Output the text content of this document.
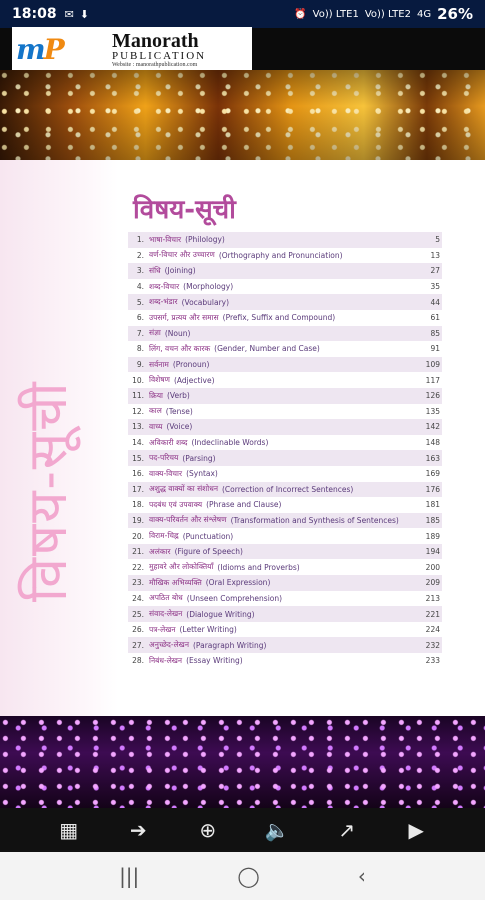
18:08 ✉ ⬇	⏰ Vo)) LTE1 Vo)) LTE2 4G 26%
mP	Manorath
PUBLICATION
Website : manorathpublication.com
विषय-सूची
विषय-सूची
1. भाषा-विचार (Philology)	5
2. वर्ण-विचार और उच्चारण (Orthography and Pronunciation)	13
3. संधि (Joining)	27
4. शब्द-विचार (Morphology)	35
5. शब्द-भंडार (Vocabulary)	44
6. उपसर्ग, प्रत्यय और समास (Prefix, Suffix and Compound)	61
7. संज्ञा (Noun)	85
8. लिंग, वचन और कारक (Gender, Number and Case)	91
9. सर्वनाम (Pronoun)	109
10. विशेषण (Adjective)	117
11. क्रिया (Verb)	126
12. काल (Tense)	135
13. वाच्य (Voice)	142
14. अविकारी शब्द (Indeclinable Words)	148
15. पद-परिचय (Parsing)	163
16. वाक्य-विचार (Syntax)	169
17. अशुद्ध वाक्यों का संशोधन (Correction of Incorrect Sentences)	176
18. पदबंध एवं उपवाक्य (Phrase and Clause)	181
19. वाक्य-परिवर्तन और संश्लेषण (Transformation and Synthesis of Sentences)	185
20. विराम-चिह्न (Punctuation)	189
21. अलंकार (Figure of Speech)	194
22. मुहावरे और लोकोक्तियाँ (Idioms and Proverbs)	200
23. मौखिक अभिव्यक्ति (Oral Expression)	209
24. अपठित बोध (Unseen Comprehension)	213
25. संवाद-लेखन (Dialogue Writing)	221
26. पत्र-लेखन (Letter Writing)	224
27. अनुच्छेद-लेखन (Paragraph Writing)	232
28. निबंध-लेखन (Essay Writing)	233
▦	➔	⊕	🔈	↗	▶
|||	◯	‹
